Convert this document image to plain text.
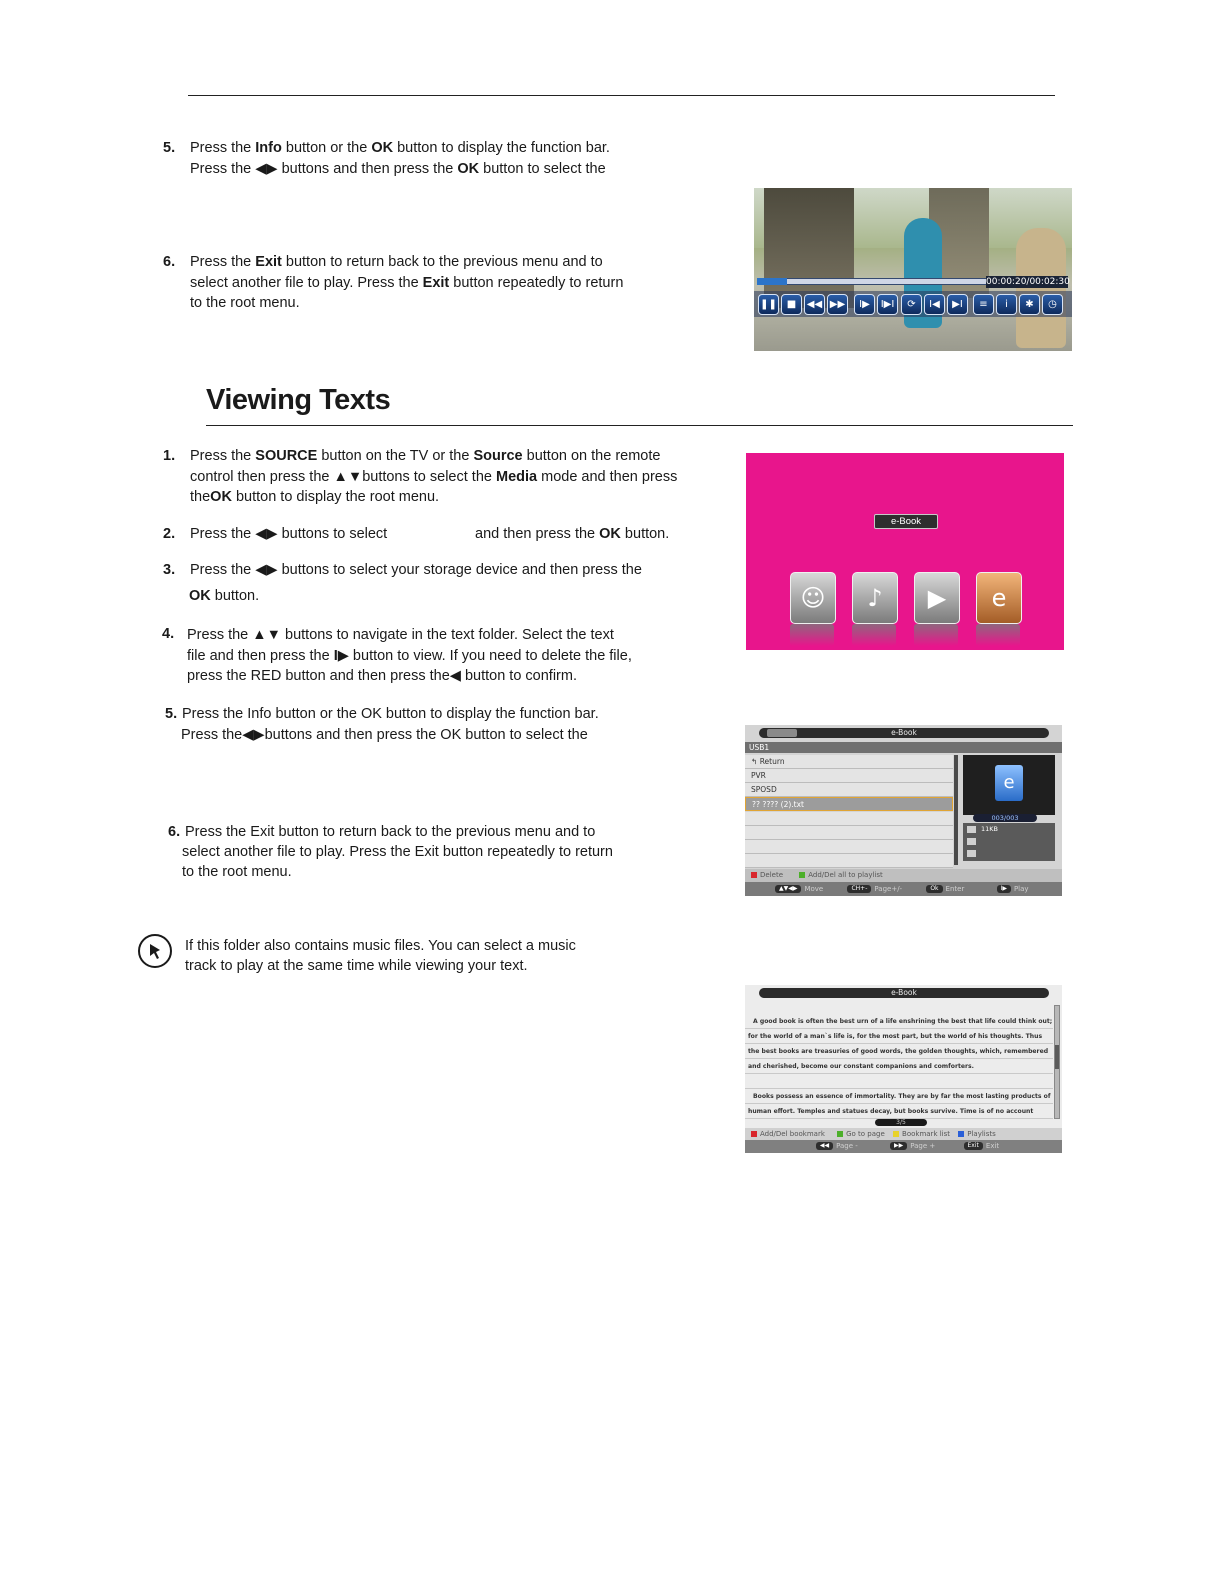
5. Press the Info button or the OK button to display the function bar.
Press the ◀▶ buttons and then press the OK button to select the
6. Press the Exit button to return back to the previous menu and to
select another file to play. Press the Exit button repeatedly to return
to the root menu.
00:00:20/00:02:30
❚❚ ■	◀◀ ▶▶	I▶	I▶I	⟳	I◀	▶I	≡	i	✱	◷
Viewing Texts
1. Press the SOURCE button on the TV or the Source button on the remote
control then press the ▲▼buttons to select the Media mode and then press
theOK button to display the root menu.
2. Press the ◀▶ buttons to select	and then press the OK button.
3. Press the ◀▶ buttons to select your storage device and then press the
OK button.
4. Press the ▲▼ buttons to navigate in the text folder. Select the text
file and then press the I▶ button to view. If you need to delete the file,
press the RED button and then press the◀ button to confirm.
5. Press the Info button or the OK button to display the function bar.
Press the◀▶buttons and then press the OK button to select the
6. Press the Exit button to return back to the previous menu and to
select another file to play. Press the Exit button repeatedly to return
to the root menu.
If this folder also contains music files. You can select a music
track to play at the same time while viewing your text.
e-Book
☺	♪	▶	e
e-Book
USB1
↰ Return
PVR
SPOSD
?? ???? (2).txt
e
003/003
11KB
Delete	Add/Del all to playlist
▲▼◀▶ Move	CH+- Page+/-	Ok Enter	I▶ Play
e-Book
A good book is often the best urn of a life enshrining the best that life could think out;
for the world of a man`s life is, for the most part, but the world of his thoughts. Thus
the best books are treasuries of good words, the golden thoughts, which, remembered
and cherished, become our constant companions and comforters.
Books possess an essence of immortality. They are by far the most lasting products of
human effort. Temples and statues decay, but books survive. Time is of no account
3/5
Add/Del bookmark	Go to page Bookmark list Playlists
◀◀ Page -	▶▶ Page +	Exit Exit
